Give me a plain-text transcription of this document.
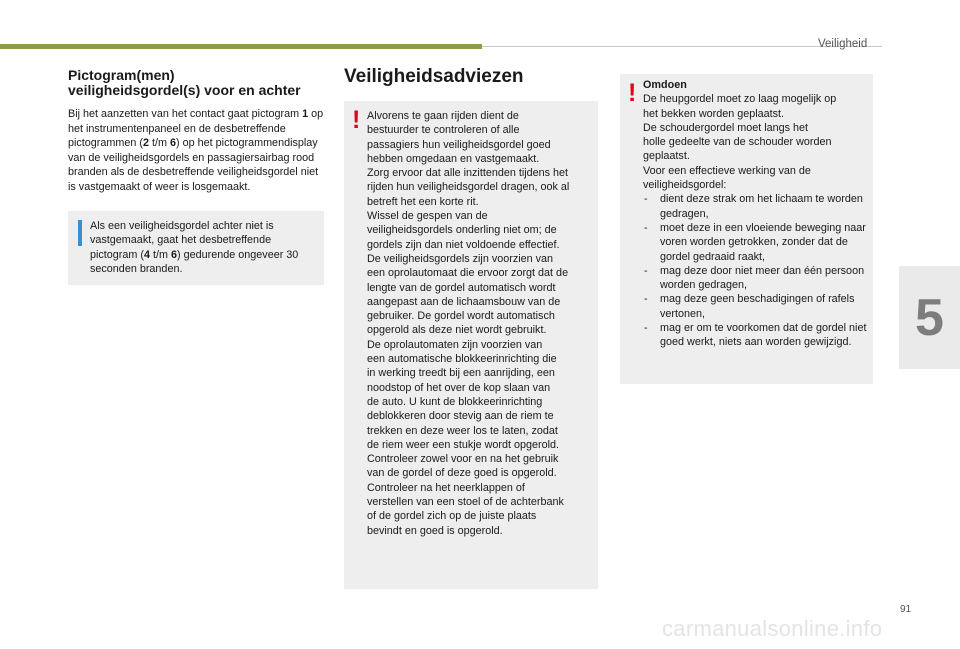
Veiligheid
5
Pictogram(men)
veiligheidsgordel(s) voor en achter

Bij het aanzetten van het contact gaat pictogram 1 op het instrumentenpaneel en de desbetreffende pictogrammen (2 t/m 6) op het pictogrammendisplay van de veiligheidsgordels en passagiersairbag rood branden als de desbetreffende veiligheidsgordel niet is vastgemaakt of weer is losgemaakt.

Als een veiligheidsgordel achter niet is vastgemaakt, gaat het desbetreffende pictogram (4 t/m 6) gedurende ongeveer 30 seconden branden.
Veiligheidsadviezen
! Alvorens te gaan rijden dient de
bestuurder te controleren of alle
passagiers hun veiligheidsgordel goed
hebben omgedaan en vastgemaakt.
Zorg ervoor dat alle inzittenden tijdens het
rijden hun veiligheidsgordel dragen, ook al
betreft het een korte rit.
Wissel de gespen van de
veiligheidsgordels onderling niet om; de
gordels zijn dan niet voldoende effectief.
De veiligheidsgordels zijn voorzien van
een oprolautomaat die ervoor zorgt dat de
lengte van de gordel automatisch wordt
aangepast aan de lichaamsbouw van de
gebruiker. De gordel wordt automatisch
opgerold als deze niet wordt gebruikt.
De oprolautomaten zijn voorzien van
een automatische blokkeerinrichting die
in werking treedt bij een aanrijding, een
noodstop of het over de kop slaan van
de auto. U kunt de blokkeerinrichting
deblokkeren door stevig aan de riem te
trekken en deze weer los te laten, zodat
de riem weer een stukje wordt opgerold.
Controleer zowel voor en na het gebruik
van de gordel of deze goed is opgerold.
Controleer na het neerklappen of
verstellen van een stoel of de achterbank
of de gordel zich op de juiste plaats
bevindt en goed is opgerold.
! Omdoen
De heupgordel moet zo laag mogelijk op
het bekken worden geplaatst.
De schoudergordel moet langs het
holle gedeelte van de schouder worden
geplaatst.
Voor een effectieve werking van de
veiligheidsgordel:
- dient deze strak om het lichaam te worden gedragen,
- moet deze in een vloeiende beweging naar voren worden getrokken, zonder dat de gordel gedraaid raakt,
- mag deze door niet meer dan één persoon worden gedragen,
- mag deze geen beschadigingen of rafels vertonen,
- mag er om te voorkomen dat de gordel niet goed werkt, niets aan worden gewijzigd.
91
carmanualsonline.info
